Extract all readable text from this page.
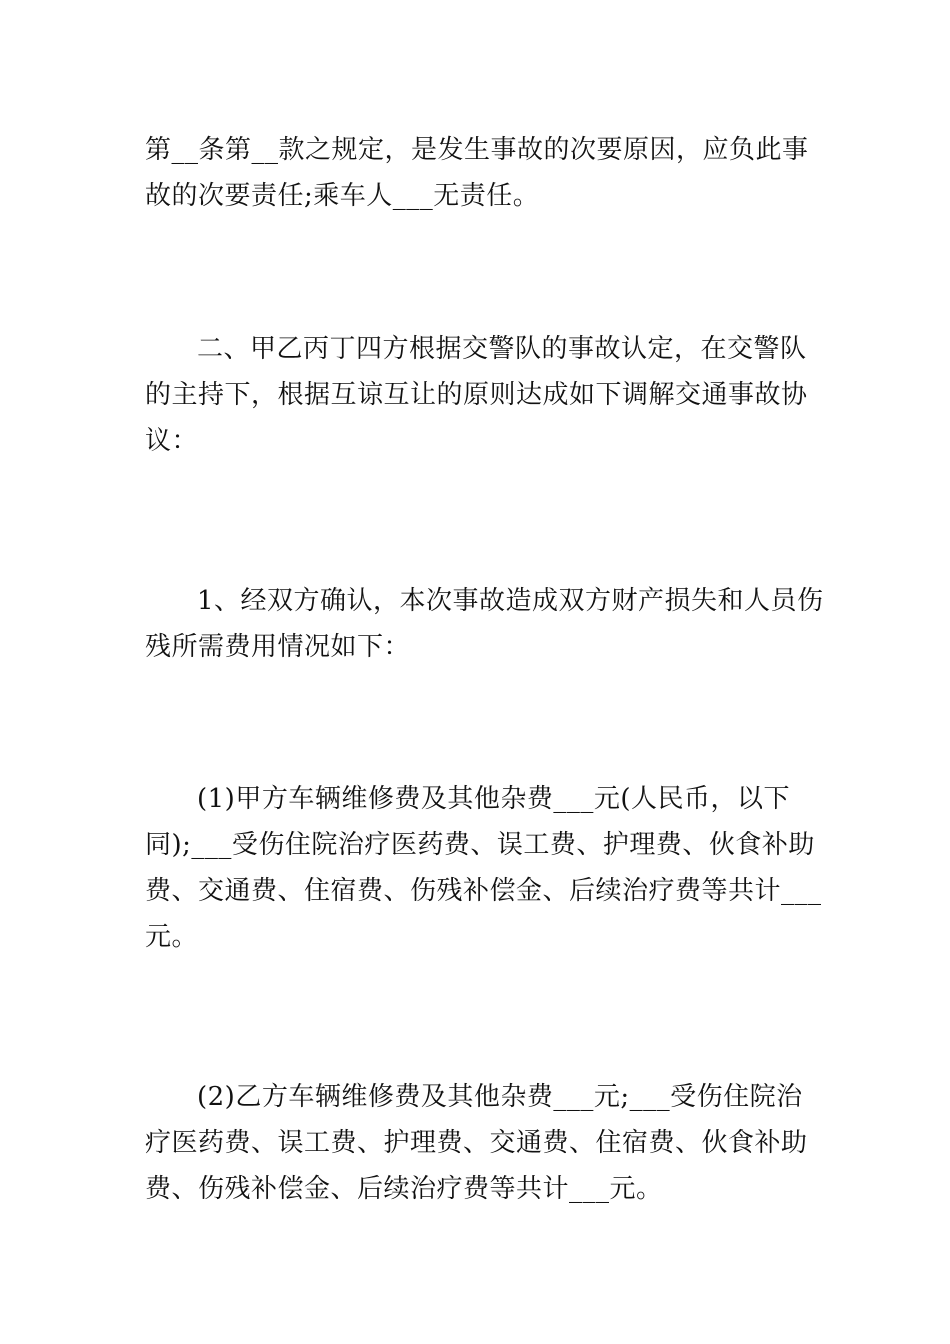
第__条第__款之规定，是发生事故的次要原因，应负此事
故的次要责任;乘车人___无责任。

二、甲乙丙丁四方根据交警队的事故认定，在交警队
的主持下，根据互谅互让的原则达成如下调解交通事故协
议：

1、经双方确认，本次事故造成双方财产损失和人员伤
残所需费用情况如下：

(1)甲方车辆维修费及其他杂费___元(人民币，以下
同);___受伤住院治疗医药费、误工费、护理费、伙食补助
费、交通费、住宿费、伤残补偿金、后续治疗费等共计___
元。

(2)乙方车辆维修费及其他杂费___元;___受伤住院治
疗医药费、误工费、护理费、交通费、住宿费、伙食补助
费、伤残补偿金、后续治疗费等共计___元。
